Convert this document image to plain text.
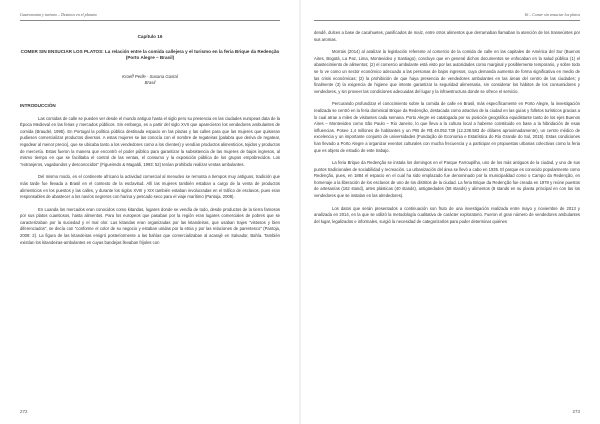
Gastronomia y turismo – Destinos en el planeta
Capítulo 16
COMER SIN ENSUCIAR LOS PLATOS: La relación entre la comida callejera y el turismo en la feria Brique da Redenção (Porto Alegre – Brasil)
Kroeff Perlle - Susana Gastal
Brasil
INTRODUCCIÓN

Las comidas de calle se pueden ver desde el mundo antiguo hasta el siglo pero su presencia en las ciudades europeas data de la Época Medieval en las ferias y mercados públicos. Sin embargo, es a partir del siglo XVII que aparecieron los vendedores ambulantes de comida (Braudel, 1995). En Portugal la política pública destinada espacio en las plazas y las calles para que las mujeres que quisieran pudiesen comercializar productos diversos. A estas mujeres se las conocía con el nombre de regateiras (palabra que deriva de regatear, regodear al menor precio), que se ubicaba tanto a los vendedores como a los clientes) y vendían productos alimenticios, tejidos y productos de mercería. Estas fueron la manera que encontró el poder público para garantizar la subsistencia de las mujeres de bajos ingresos, al mismo tiempo en que se facilitaba el control de las ventas, el consumo y la exposición pública de los grupos empobrecidos. Los "extranjeros, vagabundos y desconocidos" (Figueiredo & Magaldi, 1993: 52) tenían prohibido realizar ventas ambulantes.

Del mismo modo, en el continente africano la actividad comercial al menudeo se remonta a tiempos muy antiguos, tradición que más tarde fue llevada a Brasil en el contexto de la esclavitud. Allí las mujeres también estaban a cargo de la venta de productos alimenticios en los puestos y las calles, y durante los siglos XVIII y XIX también estaban involucradas en el tráfico de esclavos, pues eran responsables de abastecer a los navíos negreros con harina y pescado seco para el viaje marítimo (Pantoja, 2008).

En Luanda los mercados eran conocidos como kitandas, lugares donde se vendía de todo, desde productos de la tierra famosos por sus platos cuantiosos, hasta alimentos. Para los europeos que pasaban por la región eran lugares comerciales de pobres que se caracterizaban por la suciedad y el mal olor. Las kitandas eran organizadas por las kitandeiras, que usaban trajes "vistosos y bien diferenciados", se decía con "conforme el color de su negocio y estaban unidas por la etnia y por las relaciones de parentesco" (Pantoja, 2008: 2). La figura de las kitandeiras emigró posteriormente a las bahías que comercializaban al acarajé en Salvador, Bahía. También existían los kitandeiras-ambulantes en cuyas bandejas llevaban frijoles con

272
16 – Comer sin ensuciar los platos

dendê, dulces a base de cacahuetes, panificados de maíz, entre otros alimentos que derramaban llamaban la atención de los transeúntes por sus aromas.

Morrais (2014) al analizar la legislación referente al comercio de la comida de calle en las capitales de América del Sur (Buenos Aires, Bogotá, La Paz, Lima, Montevideo y Santiago), concluye que en general dichos documentos se enfocaban en la salud pública (1) el abastecimiento de alimentos; (2) el comercio ambulante está visto por las autoridades como marginal y posiblemente temporario, y sobre todo se lo ve como un sector económico adecuado a las personas de bajos ingresos, cuya demanda aumenta de forma significativa en medio de las crisis económicas; (2) la prohibición de que haya presencia de vendedores ambulantes en las áreas del centro de las ciudades; y finalmente (3) la exigencia de higiene que intente garantizar la seguridad alimentaria, sin considerar los hábitos de los consumidores y vendedores, y sin proveer las condiciones adecuadas del lugar y la infraestructura donde se ofrece el servicio.

Percurando profundizar el conocimiento sobre la comida de calle en Brasil, más específicamente en Porto Alegre, la investigación realizada se centró en la feria dominical Brique da Redenção, destacada como atractivo de la ciudad en las guías y folletos turísticos gracias a lo cual atrae a miles de visitantes cada semana. Porto Alegre es catalogada por su posición geográfica equidistante tanto de los ejes Buenos Aires – Montevideo como São Paulo – Rio Janeiro, lo que lleva a la cultura local a haberse constituido en base a la hibridación de esas influencias. Posee 1,4 millones de habitantes y un PIB de R$ 48.052.739 (12.238.583 de dólares aproximadamente), un centro médico de excelencia y un importante conjunto de universidades (Fundação de Economia e Estatística do Rio Grande do Sul, 2015). Estas condiciones han llevado a Porto Alegre a organizar eventos culturales con mucha frecuencia y a participar en propuestas urbanas colectivas como la feria que es objeto de estudio de este trabajo.

La feria Brique da Redenção se instala los domingos en el Parque Farroupilha, uno de los más antiguos de la ciudad, y uno de sus puntos tradicionales de sociabilidad y recreación. La urbanización del área se llevó a cabo en 1935. El parque es conocido popularmente como Redenção, pues, en 1884 el espacio en el cual ha sido emplazado fue denominado por la municipalidad como o Campo da Redenção, en homenaje a la liberación de los esclavos de uno de los distritos de la ciudad. La feria Brique da Redenção fue creada en 1978 y reúne puestos de artesanías (162 stand), artes plásticas (40 stands), antigüedades (58 stands) y alimentos (8 stands en su planta principal en con las los vendedores que se instalan en las alrededores).

Los datos que serán presentados a continuación son fruto de una investigación realizada entre mayo y noviembre de 2013 y analizada en 2014, en la que se utilizó la metodología cualitativa de carácter exploratorio. Fueron el gran número de vendedores ambulantes del lugar, legalizados e informales, surgió la necesidad de categorizarlos para poder determinar quiénes

273
